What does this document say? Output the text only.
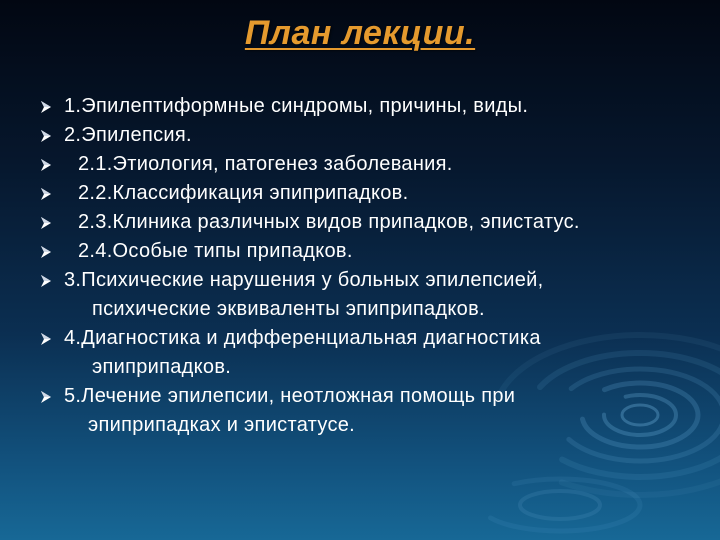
План лекции.
1.Эпилептиформные синдромы, причины, виды.
2.Эпилепсия.
2.1.Этиология, патогенез заболевания.
2.2.Классификация эпиприпадков.
2.3.Клиника различных видов припадков, эпистатус.
2.4.Особые типы припадков.
3.Психические нарушения у больных эпилепсией,
психические эквиваленты эпиприпадков.
4.Диагностика и дифференциальная диагностика
эпиприпадков.
5.Лечение эпилепсии, неотложная помощь при
эпиприпадках и эпистатусе.
